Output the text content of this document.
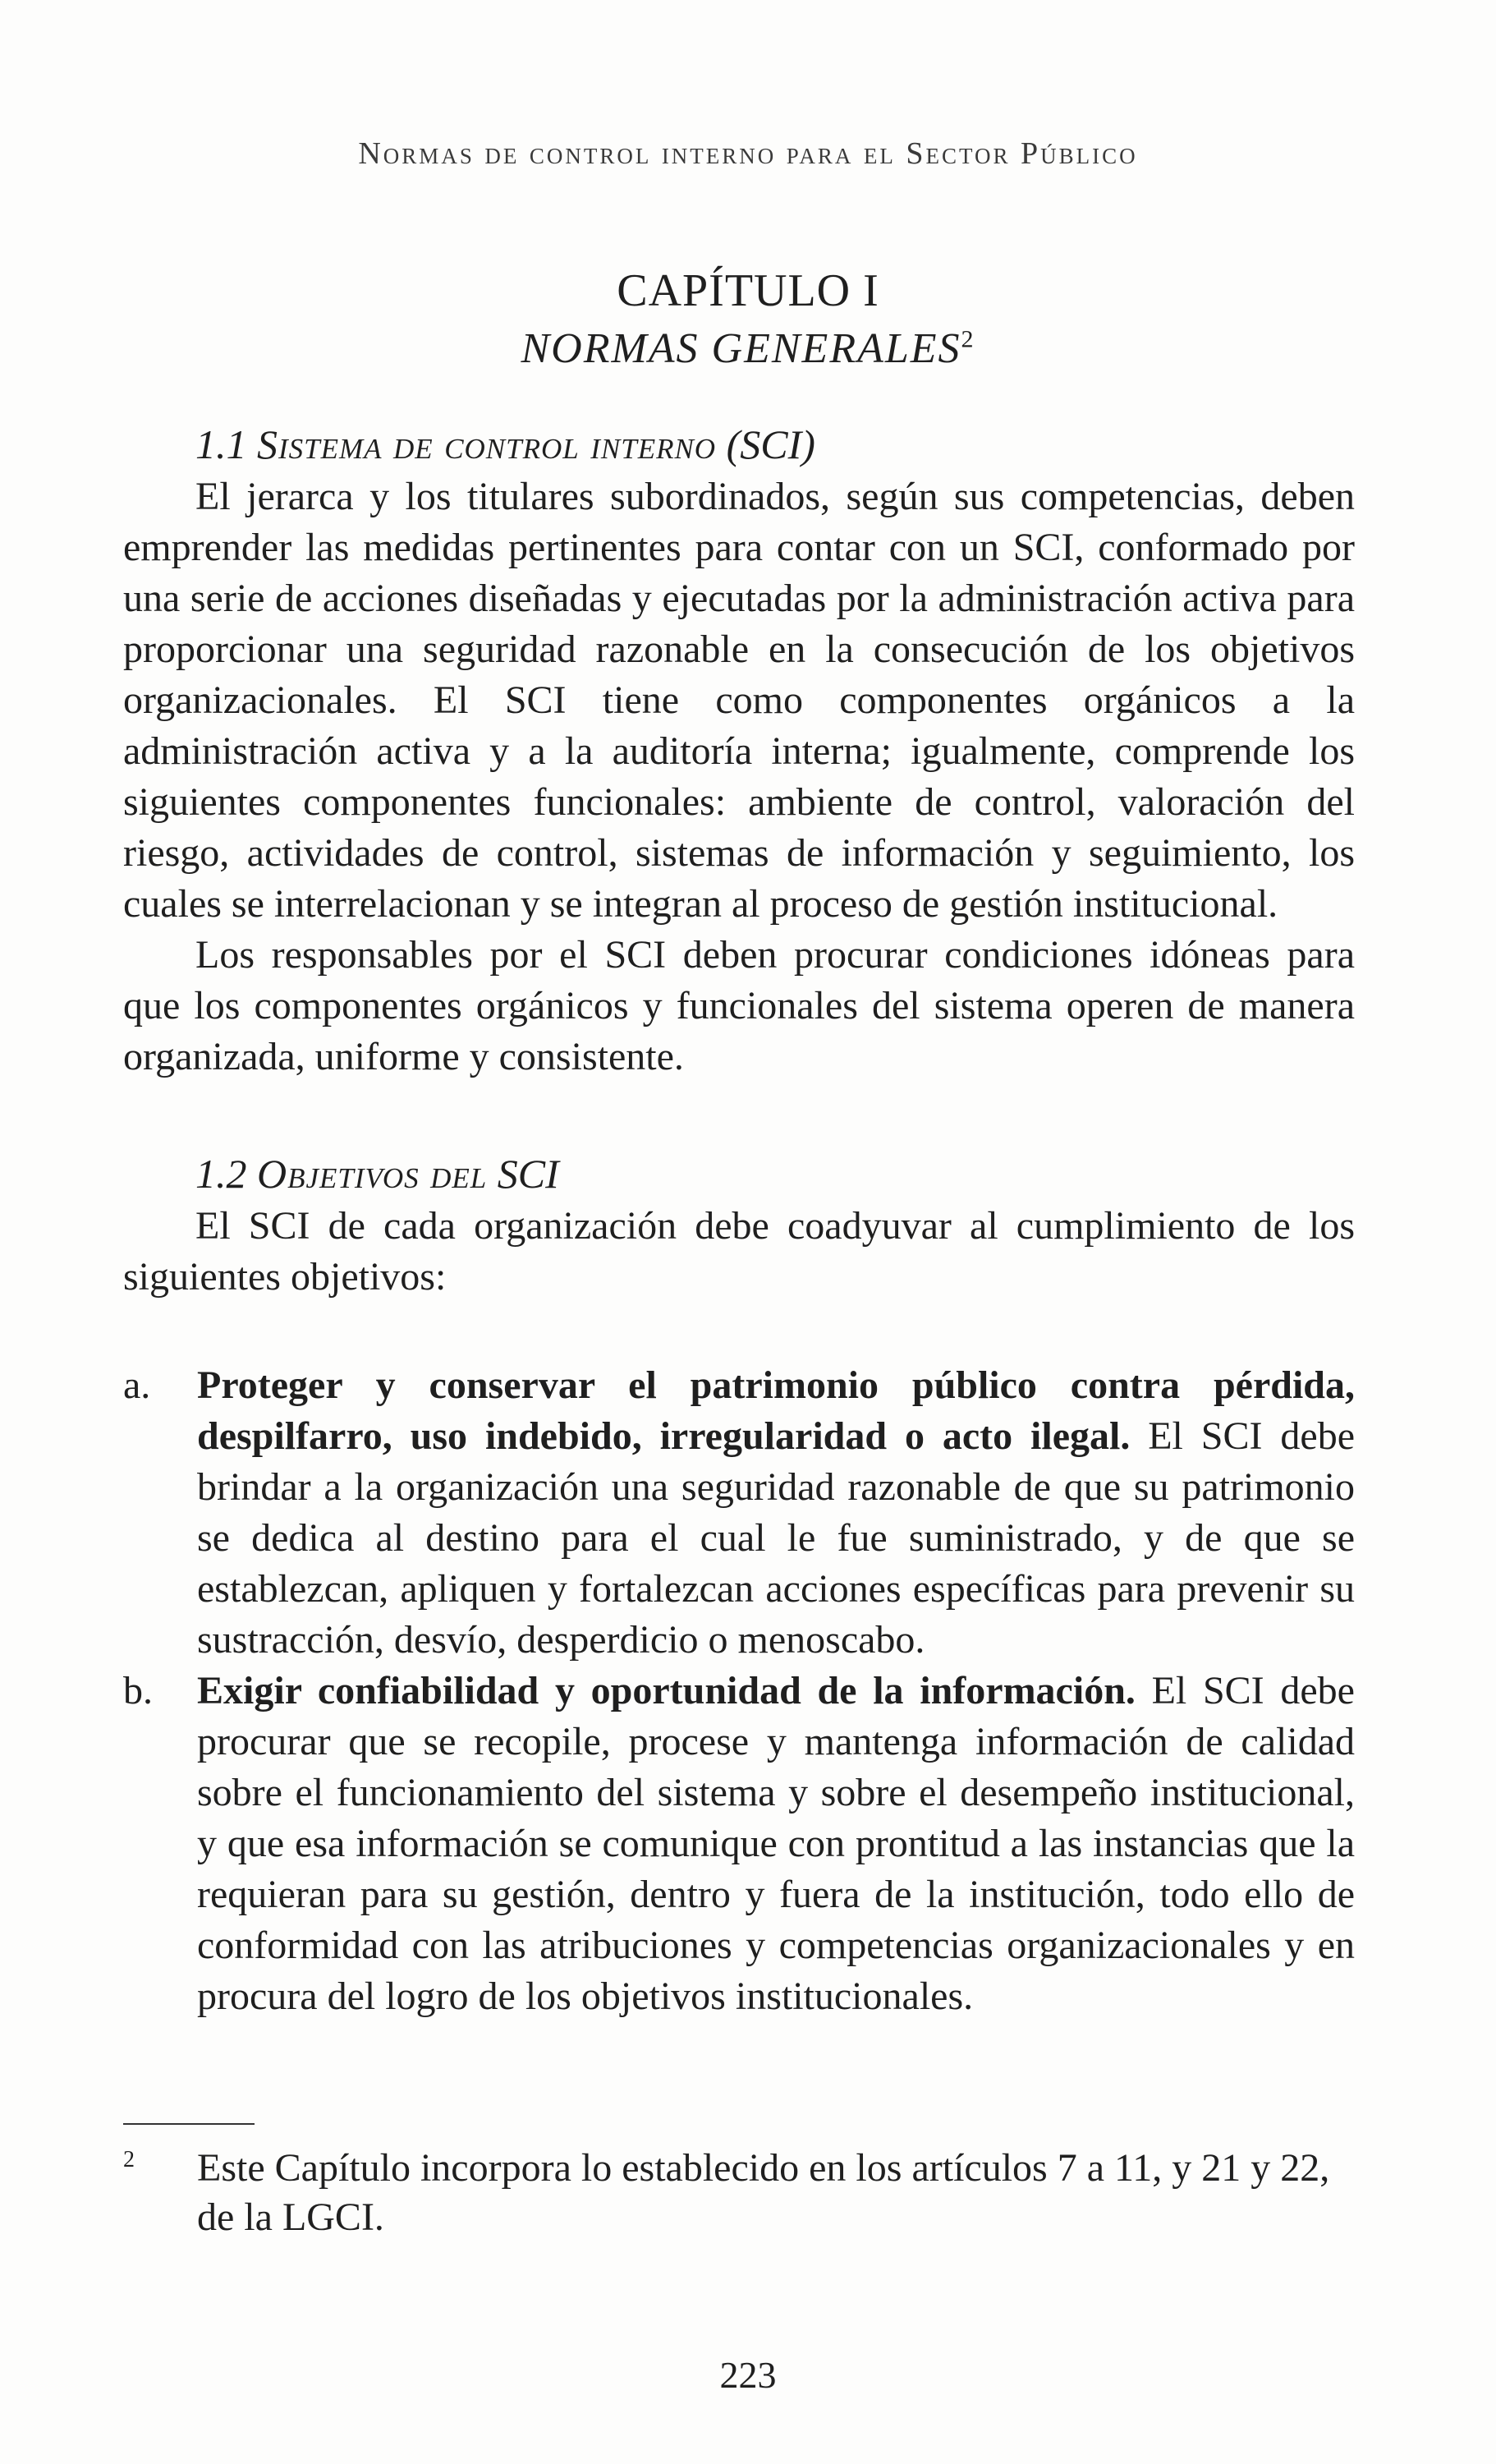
Normas de control interno para el Sector Público
CAPÍTULO I
NORMAS GENERALES$^2$
1.1 Sistema de control interno (SCI)

El jerarca y los titulares subordinados, según sus competencias, deben emprender las medidas pertinentes para contar con un SCI, conformado por una serie de acciones diseñadas y ejecutadas por la administración activa para proporcionar una seguridad razonable en la consecución de los objetivos organizacionales. El SCI tiene como componentes orgánicos a la administración activa y a la auditoría interna; igualmente, comprende los siguientes componentes funcionales: ambiente de control, valoración del riesgo, actividades de control, sistemas de información y seguimiento, los cuales se interrelacionan y se integran al proceso de gestión institucional.

Los responsables por el SCI deben procurar condiciones idóneas para que los componentes orgánicos y funcionales del sistema operen de manera organizada, uniforme y consistente.

1.2 Objetivos del SCI

El SCI de cada organización debe coadyuvar al cumplimiento de los siguientes objetivos:

a.	Proteger y conservar el patrimonio público contra pérdida, despilfarro, uso indebido, irregularidad o acto ilegal. El SCI debe brindar a la organización una seguridad razonable de que su patrimonio se dedica al destino para el cual le fue suministrado, y de que se establezcan, apliquen y fortalezcan acciones específicas para prevenir su sustracción, desvío, desperdicio o menoscabo.
b.	Exigir confiabilidad y oportunidad de la información. El SCI debe procurar que se recopile, procese y mantenga información de calidad sobre el funcionamiento del sistema y sobre el desempeño institucional, y que esa información se comunique con prontitud a las instancias que la requieran para su gestión, dentro y fuera de la institución, todo ello de conformidad con las atribuciones y competencias organizacionales y en procura del logro de los objetivos institucionales.
2	Este Capítulo incorpora lo establecido en los artículos 7 a 11, y 21 y 22, de la LGCI.
223
